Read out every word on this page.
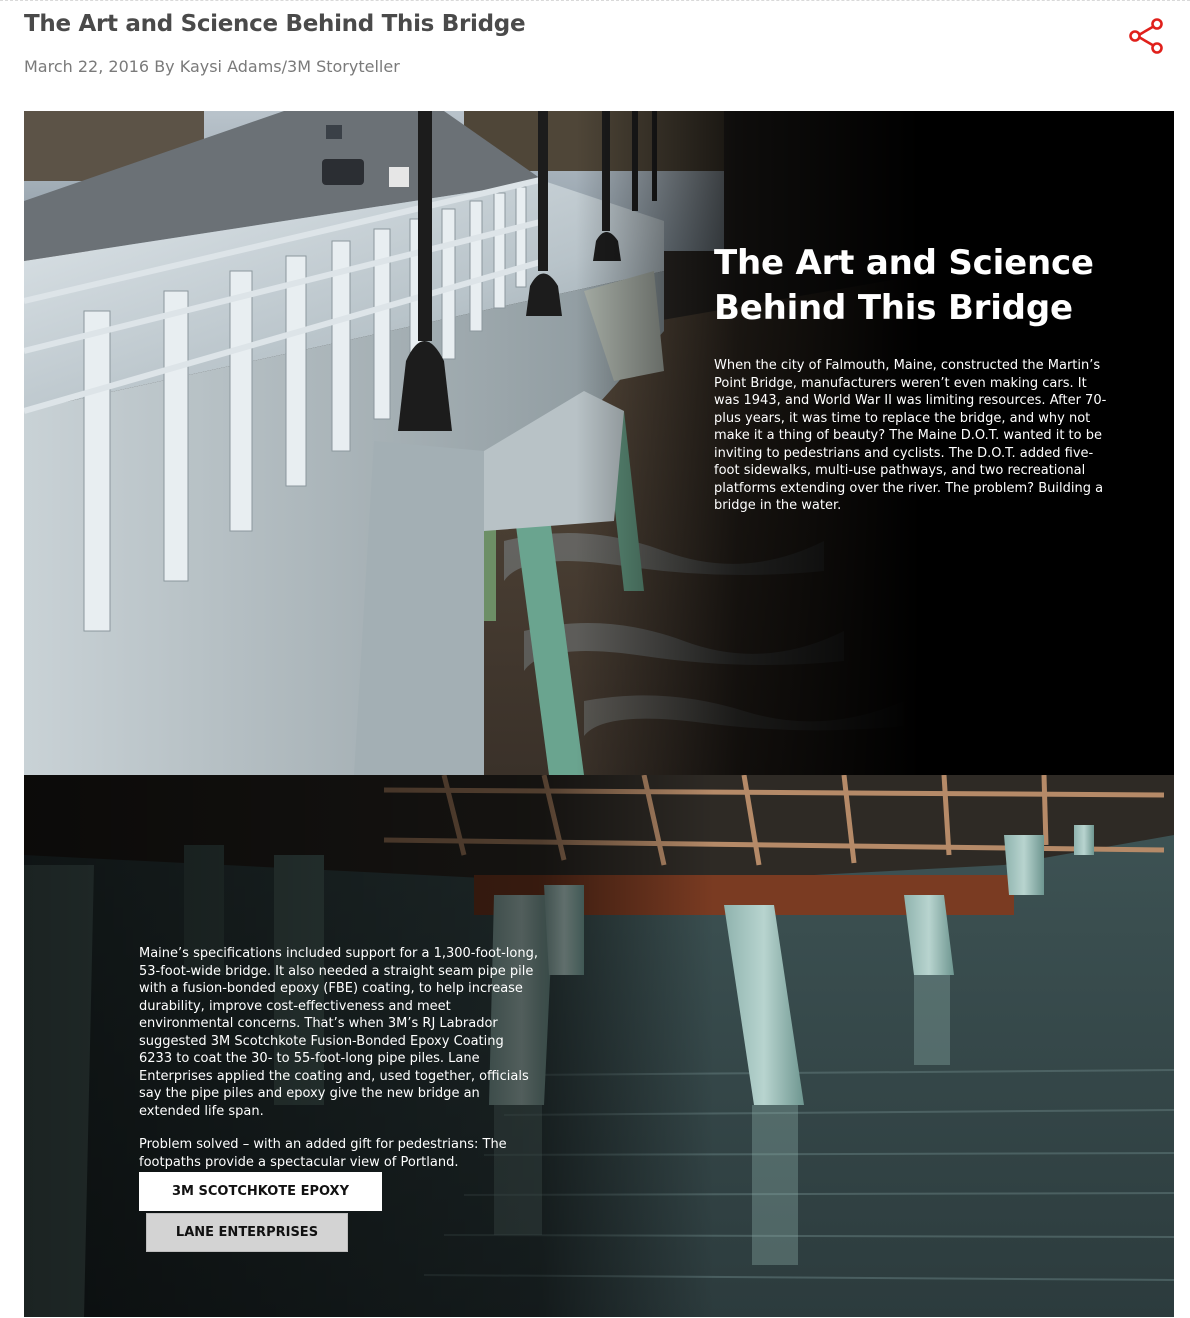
The Art and Science Behind This Bridge
March 22, 2016 By Kaysi Adams/3M Storyteller
The Art and Science
Behind This Bridge

When the city of Falmouth, Maine, constructed the Martin’s Point Bridge, manufacturers weren’t even making cars. It was 1943, and World War II was limiting resources. After 70-plus years, it was time to replace the bridge, and why not make it a thing of beauty? The Maine D.O.T. wanted it to be inviting to pedestrians and cyclists. The D.O.T. added five-foot sidewalks, multi-use pathways, and two recreational platforms extending over the river. The problem? Building a bridge in the water.

Maine’s specifications included support for a 1,300-foot-long, 53-foot-wide bridge. It also needed a straight seam pipe pile with a fusion-bonded epoxy (FBE) coating, to help increase durability, improve cost-effectiveness and meet environmental concerns. That’s when 3M’s RJ Labrador suggested 3M Scotchkote Fusion-Bonded Epoxy Coating 6233 to coat the 30- to 55-foot-long pipe piles. Lane Enterprises applied the coating and, used together, officials say the pipe piles and epoxy give the new bridge an extended life span.

Problem solved – with an added gift for pedestrians: The footpaths provide a spectacular view of Portland.

3M SCOTCHKOTE EPOXY
LANE ENTERPRISES
